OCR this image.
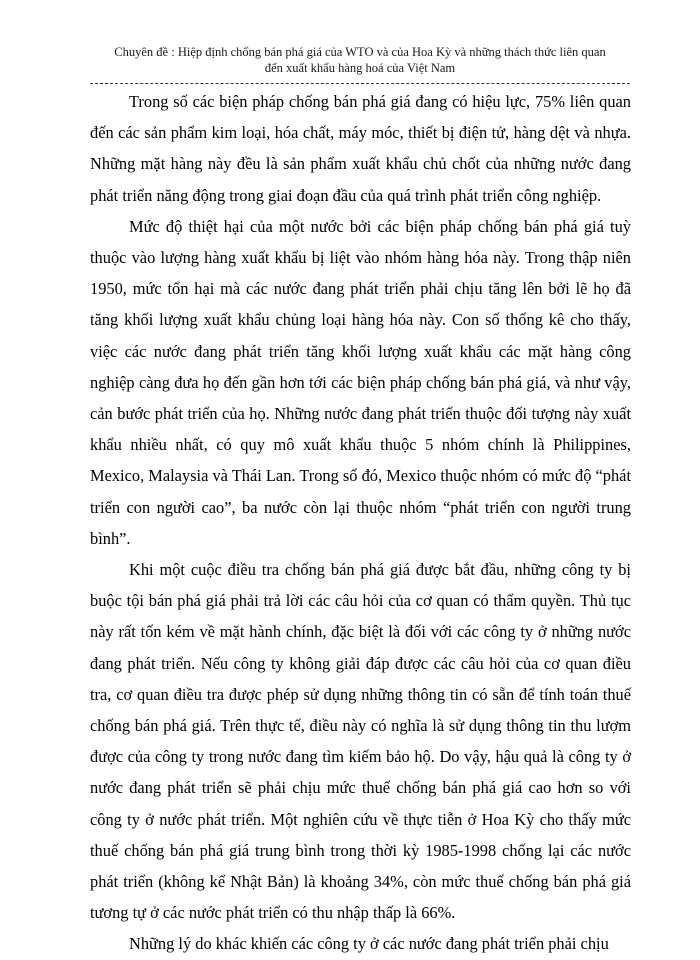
Chuyên đề : Hiệp định chống bán phá giá của WTO và của Hoa Kỳ và những thách thức liên quan
đến xuất khẩu hàng hoá của Việt Nam

Trong số các biện pháp chống bán phá giá đang có hiệu lực, 75% liên quan đến các sản phẩm kim loại, hóa chất, máy móc, thiết bị điện tử, hàng dệt và nhựa. Những mặt hàng này đều là sản phẩm xuất khẩu chủ chốt của những nước đang phát triển năng động trong giai đoạn đầu của quá trình phát triển công nghiệp.

Mức độ thiệt hại của một nước bởi các biện pháp chống bán phá giá tuỳ thuộc vào lượng hàng xuất khẩu bị liệt vào nhóm hàng hóa này. Trong thập niên 1950, mức tổn hại mà các nước đang phát triển phải chịu tăng lên bởi lẽ họ đã tăng khối lượng xuất khẩu chủng loại hàng hóa này. Con số thống kê cho thấy, việc các nước đang phát triển tăng khối lượng xuất khẩu các mặt hàng công nghiệp càng đưa họ đến gần hơn tới các biện pháp chống bán phá giá, và như vậy, cản bước phát triển của họ. Những nước đang phát triển thuộc đối tượng này xuất khẩu nhiều nhất, có quy mô xuất khẩu thuộc 5 nhóm chính là Philippines, Mexico, Malaysia và Thái Lan. Trong số đó, Mexico thuộc nhóm có mức độ “phát triển con người cao”, ba nước còn lại thuộc nhóm “phát triển con người trung bình”.

Khi một cuộc điều tra chống bán phá giá được bắt đầu, những công ty bị buộc tội bán phá giá phải trả lời các câu hỏi của cơ quan có thẩm quyền. Thủ tục này rất tốn kém về mặt hành chính, đặc biệt là đối với các công ty ở những nước đang phát triển. Nếu công ty không giải đáp được các câu hỏi của cơ quan điều tra, cơ quan điều tra được phép sử dụng những thông tin có sẵn để tính toán thuế chống bán phá giá. Trên thực tế, điều này có nghĩa là sử dụng thông tin thu lượm được của công ty trong nước đang tìm kiếm bảo hộ. Do vậy, hậu quả là công ty ở nước đang phát triển sẽ phải chịu mức thuế chống bán phá giá cao hơn so với công ty ở nước phát triển. Một nghiên cứu về thực tiễn ở Hoa Kỳ cho thấy mức thuế chống bán phá giá trung bình trong thời kỳ 1985-1998 chống lại các nước phát triển (không kể Nhật Bản) là khoảng 34%, còn mức thuế chống bán phá giá tương tự ở các nước phát triển có thu nhập thấp là 66%.

Những lý do khác khiến các công ty ở các nước đang phát triển phải chịu
